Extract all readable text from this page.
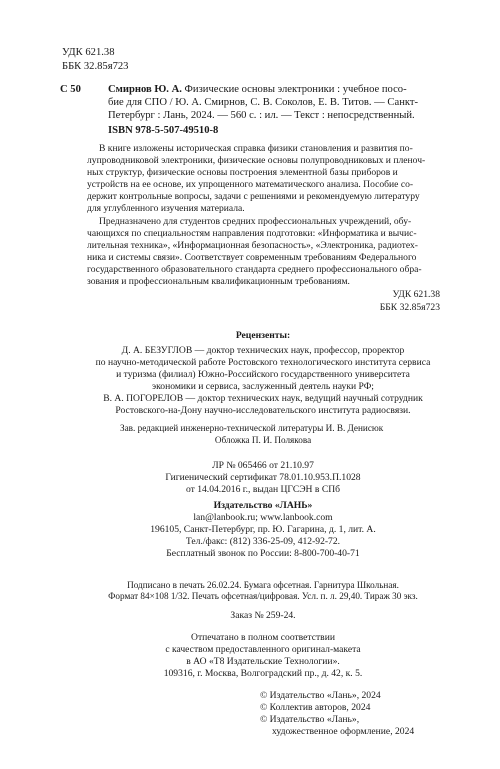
УДК 621.38
ББК 32.85я723
С 50	Смирнов Ю. А. Физические основы электроники : учебное посо-
бие для СПО / Ю. А. Смирнов, С. В. Соколов, Е. В. Титов. — Санкт-
Петербург : Лань, 2024. — 560 с. : ил. — Текст : непосредственный.
ISBN 978-5-507-49510-8
В книге изложены историческая справка физики становления и развития по-
лупроводниковой электроники, физические основы полупроводниковых и пленоч-
ных структур, физические основы построения элементной базы приборов и
устройств на ее основе, их упрощенного математического анализа. Пособие со-
держит контрольные вопросы, задачи с решениями и рекомендуемую литературу
для углубленного изучения материала.
Предназначено для студентов средних профессиональных учреждений, обу-
чающихся по специальностям направления подготовки: «Информатика и вычис-
лительная техника», «Информационная безопасность», «Электроника, радиотех-
ника и системы связи». Соответствует современным требованиям Федерального
государственного образовательного стандарта среднего профессионального обра-
зования и профессиональным квалификационным требованиям.
УДК 621.38
ББК 32.85я723
Рецензенты:
Д. А. БЕЗУГЛОВ — доктор технических наук, профессор, проректор
по научно-методической работе Ростовского технологического института сервиса
и туризма (филиал) Южно-Российского государственного университета
экономики и сервиса, заслуженный деятель науки РФ;
В. А. ПОГОРЕЛОВ — доктор технических наук, ведущий научный сотрудник
Ростовского-на-Дону научно-исследовательского института радиосвязи.
Зав. редакцией инженерно-технической литературы И. В. Денисюк
Обложка П. И. Полякова
ЛР № 065466 от 21.10.97
Гигиенический сертификат 78.01.10.953.П.1028
от 14.04.2016 г., выдан ЦГСЭН в СПб
Издательство «ЛАНЬ»
lan@lanbook.ru; www.lanbook.com
196105, Санкт-Петербург, пр. Ю. Гагарина, д. 1, лит. А.
Тел./факс: (812) 336-25-09, 412-92-72.
Бесплатный звонок по России: 8-800-700-40-71
Подписано в печать 26.02.24. Бумага офсетная. Гарнитура Школьная.
Формат 84×108 1/32. Печать офсетная/цифровая. Усл. п. л. 29,40. Тираж 30 экз.
Заказ № 259-24.
Отпечатано в полном соответствии
с качеством предоставленного оригинал-макета
в АО «Т8 Издательские Технологии».
109316, г. Москва, Волгоградский пр., д. 42, к. 5.
© Издательство «Лань», 2024
© Коллектив авторов, 2024
© Издательство «Лань»,
художественное оформление, 2024
